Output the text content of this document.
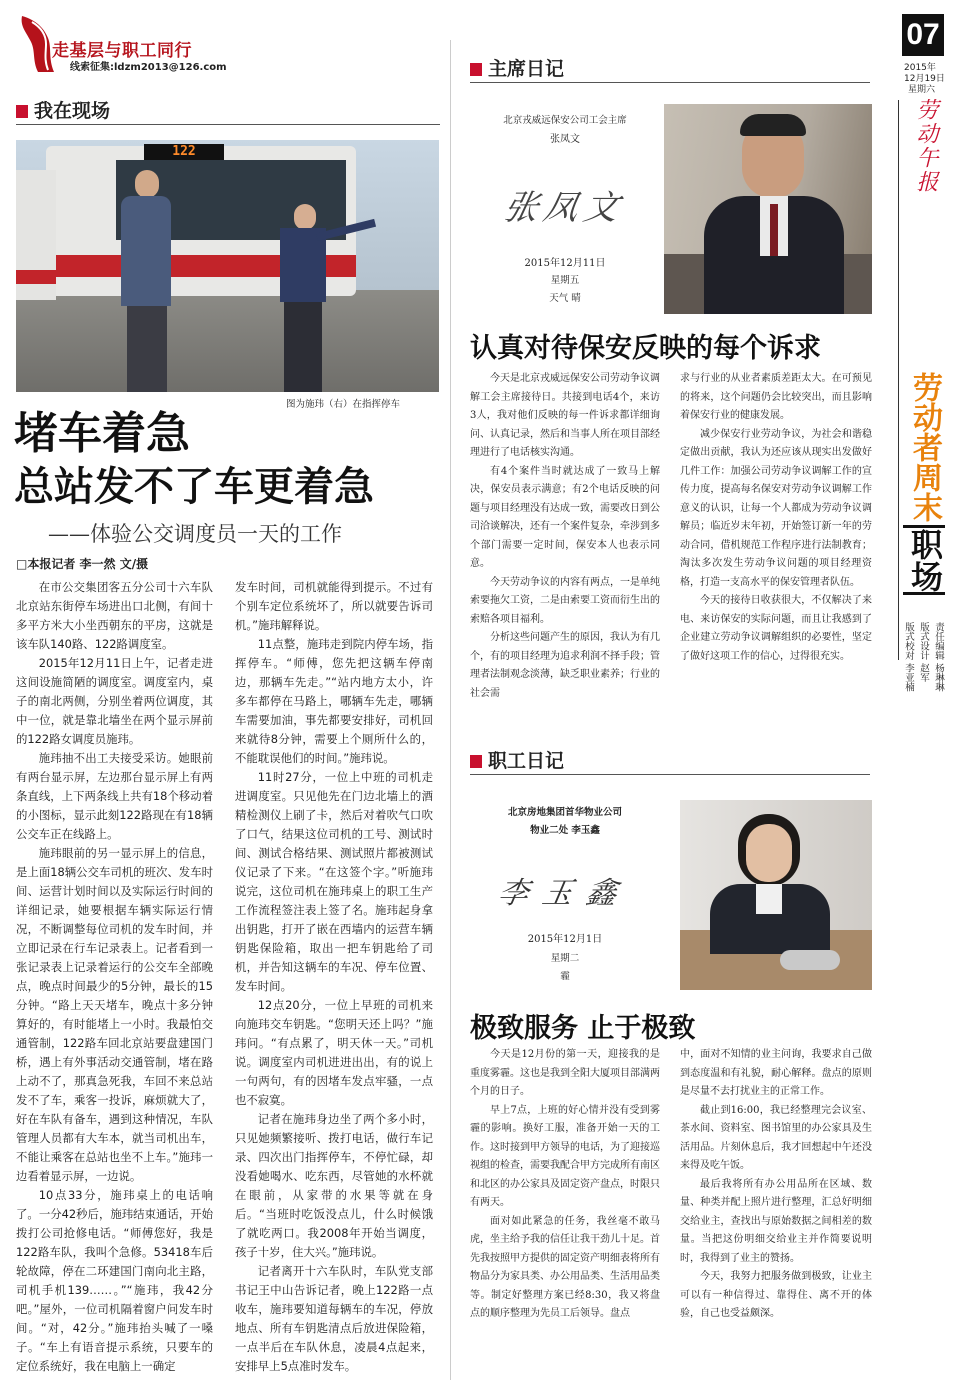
走基层与职工同行
线索征集:ldzm2013@126.com
07
2015年
12月19日
星期六
劳动午报
劳动者周末
职场
责任编辑 杨琳琳
版式设计 赵军
版式校对 李亚楠
我在现场
122
图为施玮（右）在指挥停车
堵车着急
总站发不了车更着急
——体验公交调度员一天的工作
□本报记者 李一然 文/摄

在市公交集团客五分公司十六车队北京站东街停车场进出口北侧，有间十多平方米大小坐西朝东的平房，这就是该车队140路、122路调度室。

2015年12月11日上午，记者走进这间设施简陋的调度室。调度室内，桌子的南北两侧，分别坐着两位调度，其中一位，就是靠北墙坐在两个显示屏前的122路女调度员施玮。

施玮抽不出工夫接受采访。她眼前有两台显示屏，左边那台显示屏上有两条直线，上下两条线上共有18个移动着的小图标，显示此刻122路现在有18辆公交车正在线路上。

施玮眼前的另一显示屏上的信息，是上面18辆公交车司机的班次、发车时间、运营计划时间以及实际运行时间的详细记录，她要根据车辆实际运行情况，不断调整每位司机的发车时间，并立即记录在行车记录表上。记者看到一张记录表上记录着运行的公交车全部晚点，晚点时间最少的5分钟，最长的15分钟。“路上天天堵车，晚点十多分钟算好的，有时能堵上一小时。我最怕交通管制，122路车回北京站要盘建国门桥，遇上有外事活动交通管制，堵在路上动不了，那真急死我，车回不来总站发不了车，乘客一投诉，麻烦就大了，好在车队有备车，遇到这种情况，车队管理人员都有大车本，就当司机出车，不能让乘客在总站也坐不上车。”施玮一边看着显示屏，一边说。

10点33分，施玮桌上的电话响了。一分42秒后，施玮结束通话，开始拨打公司抢修电话。“师傅您好，我是122路车队，我叫个急修。53418车后轮故障，停在二环建国门南向北主路，司机手机139……。”“施玮，我42分吧。”屋外，一位司机隔着窗户问发车时间。“对，42分。”施玮抬头喊了一嗓子。“车上有语音提示系统，只要车的定位系统好，我在电脑上一确定

发车时间，司机就能得到提示。不过有个别车定位系统坏了，所以就要告诉司机。”施玮解释说。

11点整，施玮走到院内停车场，指挥停车。“师傅，您先把这辆车停南边，那辆车先走。”“站内地方太小，许多车都停在马路上，哪辆车先走，哪辆车需要加油，事先都要安排好，司机回来就待8分钟，需要上个厕所什么的，不能耽误他们的时间。”施玮说。

11时27分，一位上中班的司机走进调度室。只见他先在门边北墙上的酒精检测仪上刷了卡，然后对着吹气口吹了口气，结果这位司机的工号、测试时间、测试合格结果、测试照片都被测试仪记录了下来。“在这签个字。”听施玮说完，这位司机在施玮桌上的职工生产工作流程签注表上签了名。施玮起身拿出钥匙，打开了嵌在西墙内的运营车辆钥匙保险箱，取出一把车钥匙给了司机，并告知这辆车的车况、停车位置、发车时间。

12点20分，一位上早班的司机来向施玮交车钥匙。“您明天还上吗？”施玮问。“有点累了，明天休一天。”司机说。调度室内司机进进出出，有的说上一句两句，有的因堵车发点牢骚，一点也不寂寞。

记者在施玮身边坐了两个多小时，只见她频繁接听、拨打电话，做行车记录、四次出门指挥停车，不停忙碌，却没看她喝水、吃东西，尽管她的水杯就在眼前，从家带的水果等就在身后。“当班时吃饭没点儿，什么时候饿了就吃两口。我2008年开始当调度，孩子十岁，住大兴。”施玮说。

记者离开十六车队时，车队党支部书记王中山告诉记者，晚上122路一点收车，施玮要知道每辆车的车况，停放地点、所有车钥匙清点后放进保险箱，一点半后在车队休息，凌晨4点起来，安排早上5点准时发车。

主席日记
北京戎威远保安公司工会主席
张凤文
张凤文
2015年12月11日
星期五
天气 晴
认真对待保安反映的每个诉求

今天是北京戎威远保安公司劳动争议调解工会主席接待日。共接到电话4个，来访3人，我对他们反映的每一件诉求都详细询问、认真记录，然后和当事人所在项目部经理进行了电话核实沟通。

有4个案件当时就达成了一致马上解决，保安员表示满意；有2个电话反映的问题与项目经理没有达成一致，需要改日到公司洽谈解决，还有一个案件复杂，牵涉到多个部门需要一定时间，保安本人也表示同意。

今天劳动争议的内容有两点，一是单纯索要拖欠工资，二是由索要工资而衍生出的索赔各项目福利。

分析这些问题产生的原因，我认为有几个，有的项目经理为追求利润不择手段；管理者法制观念淡薄，缺乏职业素养；行业的社会需

求与行业的从业者素质差距太大。在可预见的将来，这个问题仍会比较突出，而且影响着保安行业的健康发展。

减少保安行业劳动争议，为社会和谐稳定做出贡献，我认为还应该从现实出发做好几件工作：加强公司劳动争议调解工作的宣传力度，提高每名保安对劳动争议调解工作意义的认识，让每一个人都成为劳动争议调解员；临近岁末年初，开始签订新一年的劳动合同，借机规范工作程序进行法制教育；淘汰多次发生劳动争议问题的项目经理资格，打造一支高水平的保安管理者队伍。

今天的接待日收获很大，不仅解决了来电、来访保安的实际问题，而且让我感到了企业建立劳动争议调解组织的必要性，坚定了做好这项工作的信心，过得很充实。

职工日记
北京房地集团首华物业公司
物业二处 李玉鑫
李玉鑫
2015年12月1日
星期二
霾
极致服务 止于极致

今天是12月份的第一天，迎接我的是重度雾霾。这也是我到全阳大厦项目部满两个月的日子。

早上7点，上班的好心情并没有受到雾霾的影响。换好工服，准备开始一天的工作。这时接到甲方领导的电话，为了迎接巡视组的检查，需要我配合甲方完成所有南区和北区的办公家具及固定资产盘点，时限只有两天。

面对如此紧急的任务，我丝毫不敢马虎，坐主给予我的信任让我干劲儿十足。首先我按照甲方提供的固定资产明细表将所有物品分为家具类、办公用品类、生活用品类等。制定好整理方案已经8:30，我又将盘点的顺序整理为先员工后领导。盘点

中，面对不知情的业主问询，我要求自己做到态度温和有礼貌，耐心解释。盘点的原则是尽量不去打扰业主的正常工作。

截止到16:00，我已经整理完会议室、茶水间、资料室、图书馆里的办公家具及生活用品。片刻休息后，我才回想起中午还没来得及吃午饭。

最后我将所有办公用品所在区域、数量、种类并配上照片进行整理，汇总好明细交给业主，查找出与原始数据之间相差的数量。当把这份明细交给业主并作简要说明时，我得到了业主的赞扬。

今天，我努力把服务做到极致，让业主可以有一种信得过、靠得住、离不开的体验，自己也受益颇深。
